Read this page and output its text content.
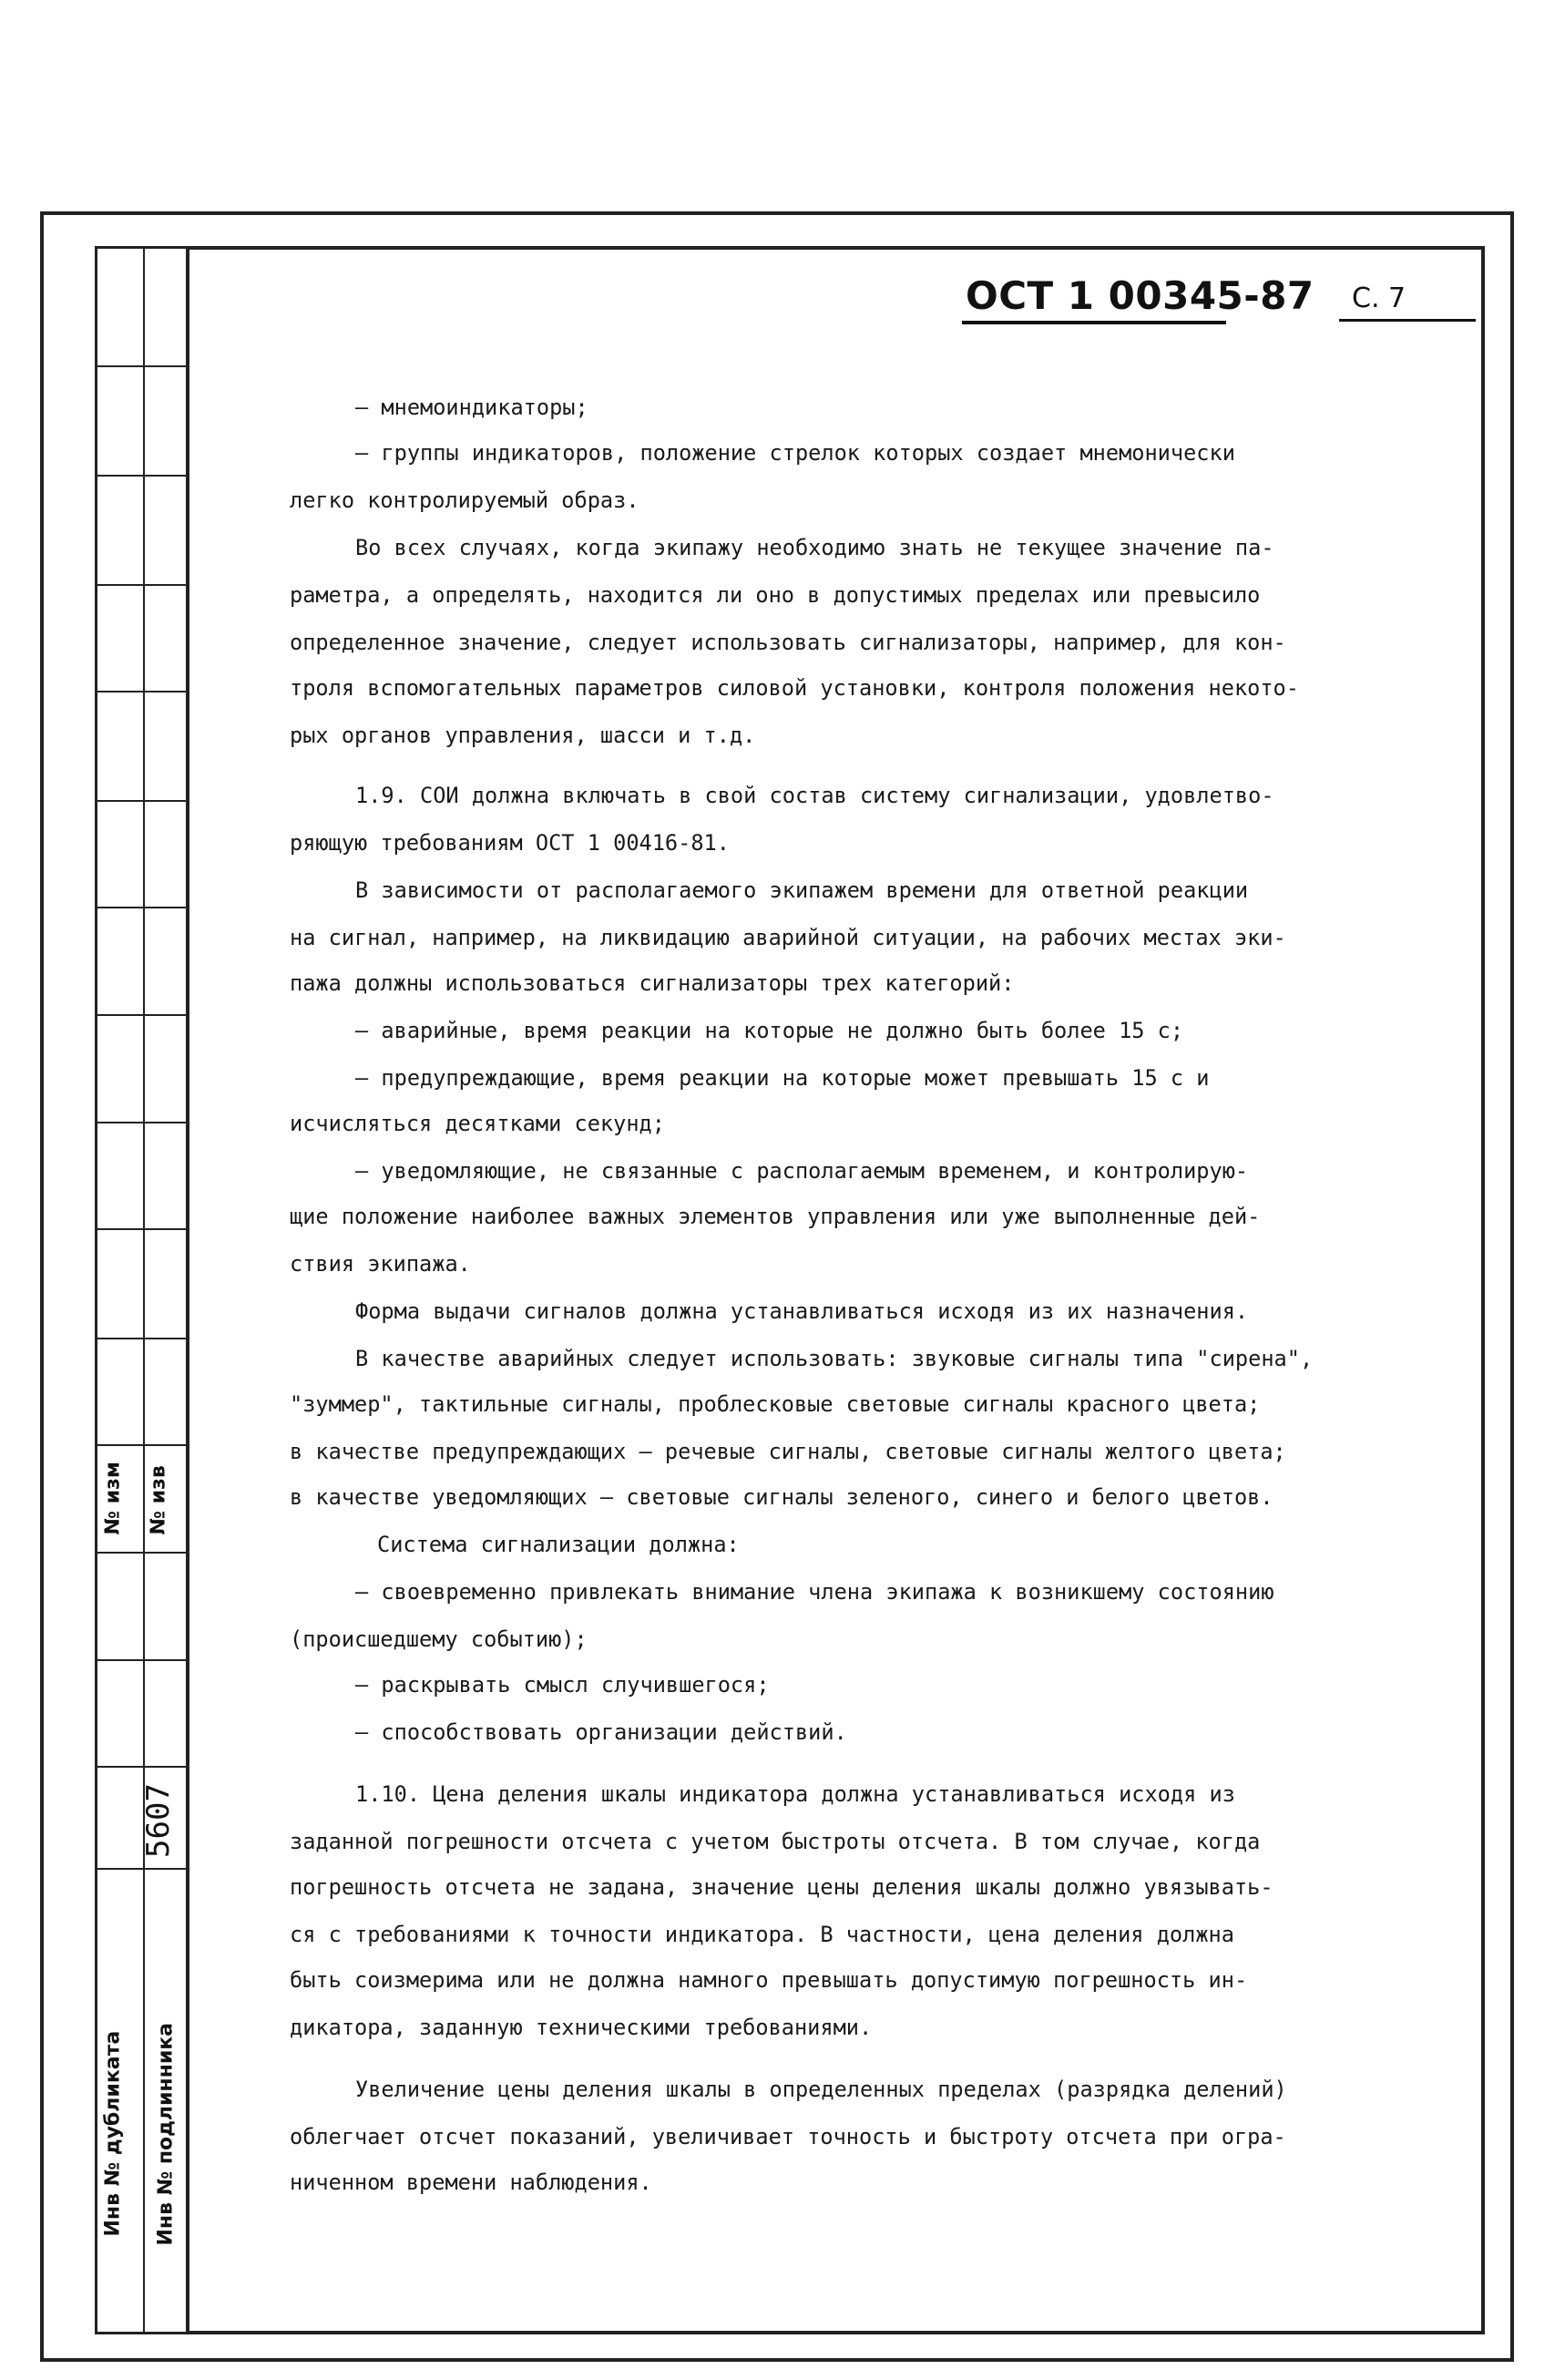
№ изм № изв
5607
Инв № дубликата Инв № подлинника
ОСТ 1 00345-87 С. 7
– мнемоиндикаторы;
– группы индикаторов, положение стрелок которых создает мнемонически
легко контролируемый образ.
Во всех случаях, когда экипажу необходимо знать не текущее значение па-
раметра, а определять, находится ли оно в допустимых пределах или превысило
определенное значение, следует использовать сигнализаторы, например, для кон-
троля вспомогательных параметров силовой установки, контроля положения некото-
рых органов управления, шасси и т.д.
1.9. СОИ должна включать в свой состав систему сигнализации, удовлетво-
ряющую требованиям ОСТ 1 00416-81.
В зависимости от располагаемого экипажем времени для ответной реакции
на сигнал, например, на ликвидацию аварийной ситуации, на рабочих местах эки-
пажа должны использоваться сигнализаторы трех категорий:
– аварийные, время реакции на которые не должно быть более 15 с;
– предупреждающие, время реакции на которые может превышать 15 с и
исчисляться десятками секунд;
– уведомляющие, не связанные с располагаемым временем, и контролирую-
щие положение наиболее важных элементов управления или уже выполненные дей-
ствия экипажа.
Форма выдачи сигналов должна устанавливаться исходя из их назначения.
В качестве аварийных следует использовать: звуковые сигналы типа "сирена",
"зуммер", тактильные сигналы, проблесковые световые сигналы красного цвета;
в качестве предупреждающих – речевые сигналы, световые сигналы желтого цвета;
в качестве уведомляющих – световые сигналы зеленого, синего и белого цветов.
Система сигнализации должна:
– своевременно привлекать внимание члена экипажа к возникшему состоянию
(происшедшему событию);
– раскрывать смысл случившегося;
– способствовать организации действий.
1.10. Цена деления шкалы индикатора должна устанавливаться исходя из
заданной погрешности отсчета с учетом быстроты отсчета. В том случае, когда
погрешность отсчета не задана, значение цены деления шкалы должно увязывать-
ся с требованиями к точности индикатора. В частности, цена деления должна
быть соизмерима или не должна намного превышать допустимую погрешность ин-
дикатора, заданную техническими требованиями.
Увеличение цены деления шкалы в определенных пределах (разрядка делений)
облегчает отсчет показаний, увеличивает точность и быстроту отсчета при огра-
ниченном времени наблюдения.
